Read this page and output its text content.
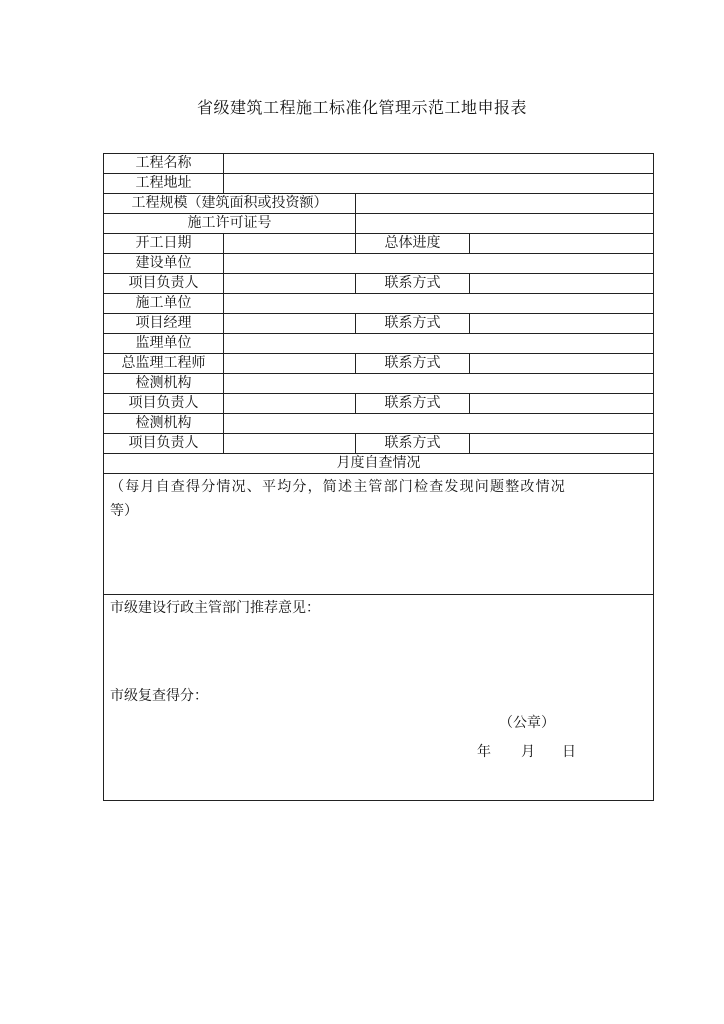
省级建筑工程施工标准化管理示范工地申报表
工程名称
工程地址
工程规模（建筑面积或投资额）
施工许可证号
开工日期	总体进度
建设单位
项目负责人	联系方式
施工单位
项目经理	联系方式
监理单位
总监理工程师	联系方式
检测机构
项目负责人	联系方式
检测机构
项目负责人	联系方式
月度自查情况
（每月自查得分情况、平均分，简述主管部门检查发现问题整改情况
等）
市级建设行政主管部门推荐意见：
市级复查得分：
（公章）
年 月 日
